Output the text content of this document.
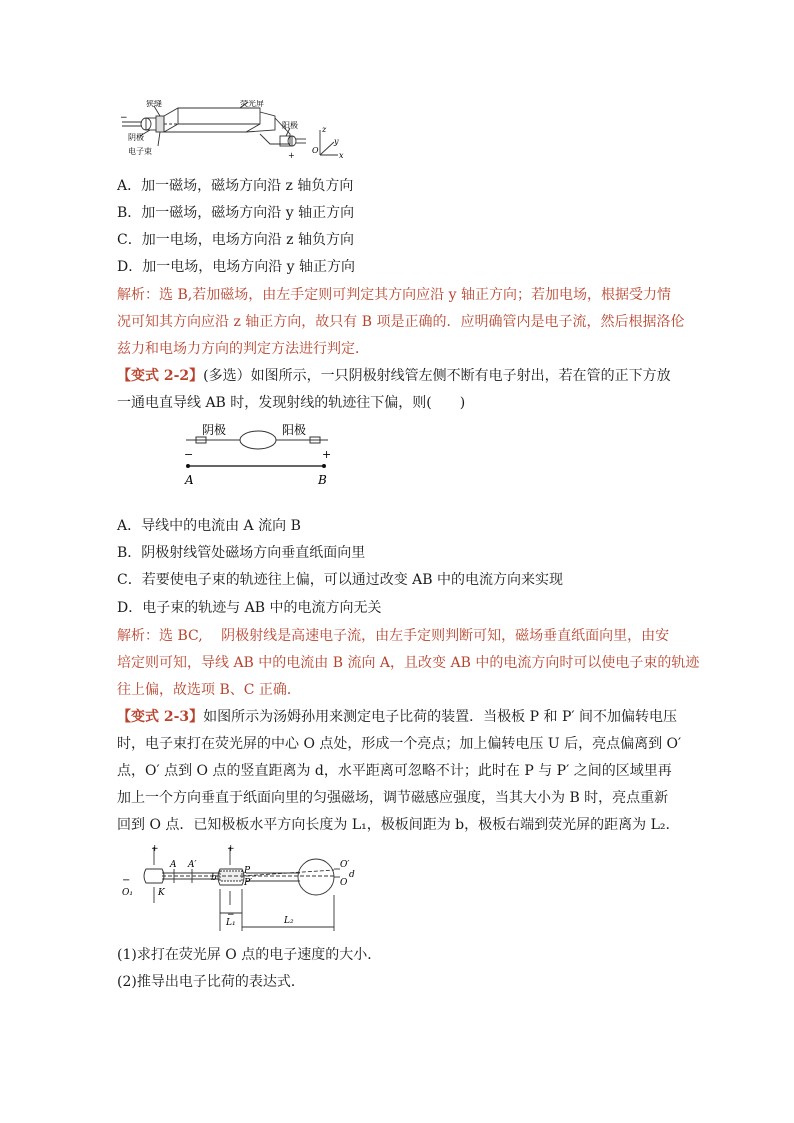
狭缝	荧光屏
阴极
阳极
电子束
−
+
z
y
x
O
A．加一磁场，磁场方向沿 z 轴负方向
B．加一磁场，磁场方向沿 y 轴正方向
C．加一电场，电场方向沿 z 轴负方向
D．加一电场，电场方向沿 y 轴正方向
解析：选 B,若加磁场，由左手定则可判定其方向应沿 y 轴正方向；若加电场，根据受力情
况可知其方向应沿 z 轴正方向，故只有 B 项是正确的．应明确管内是电子流，然后根据洛伦
兹力和电场力方向的判定方法进行判定．
【变式 2-2】(多选）如图所示，一只阴极射线管左侧不断有电子射出，若在管的正下方放
一通电直导线 AB 时，发现射线的轨迹往下偏，则(　　)
阴极	阳极
−	+
A	B
A．导线中的电流由 A 流向 B
B．阴极射线管处磁场方向垂直纸面向里
C．若要使电子束的轨迹往上偏，可以通过改变 AB 中的电流方向来实现
D．电子束的轨迹与 AB 中的电流方向无关
解析：选 BC,　 阴极射线是高速电子流，由左手定则判断可知，磁场垂直纸面向里，由安
培定则可知，导线 AB 中的电流由 B 流向 A，且改变 AB 中的电流方向时可以使电子束的轨迹
往上偏，故选项 B、C 正确．
【变式 2-3】如图所示为汤姆孙用来测定电子比荷的装置．当极板 P 和 P′ 间不加偏转电压
时，电子束打在荧光屏的中心 O 点处，形成一个亮点；加上偏转电压 U 后，亮点偏离到 O′
点，O′ 点到 O 点的竖直距离为 d，水平距离可忽略不计；此时在 P 与 P′ 之间的区域里再
加上一个方向垂直于纸面向里的匀强磁场，调节磁感应强度，当其大小为 B 时，亮点重新
回到 O 点．已知极板水平方向长度为 L₁，极板间距为 b，极板右端到荧光屏的距离为 L₂.
+	+
−
−
O₁	K
A A′
b
P
P′
O′
O
d
L₁	L₂
(1)求打在荧光屏 O 点的电子速度的大小．
(2)推导出电子比荷的表达式．
